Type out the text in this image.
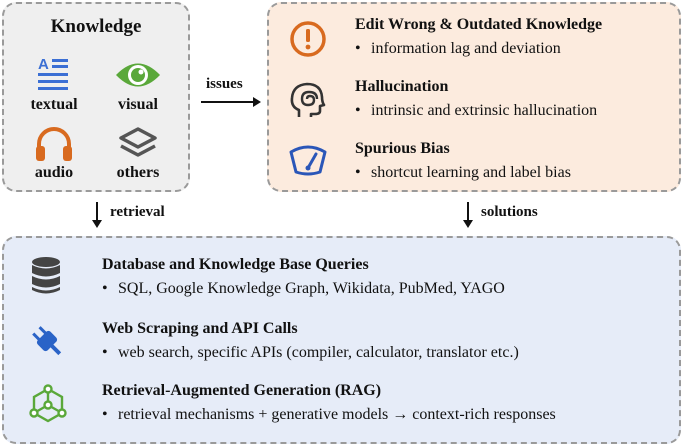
Knowledge
A
textual	visual
audio	others
issues
Edit Wrong & Outdated Knowledge
• information lag and deviation
Hallucination
• intrinsic and extrinsic hallucination
Spurious Bias
• shortcut learning and label bias
retrieval	solutions
Database and Knowledge Base Queries
• SQL, Google Knowledge Graph, Wikidata, PubMed, YAGO
Web Scraping and API Calls
• web search, specific APIs (compiler, calculator, translator etc.)
Retrieval-Augmented Generation (RAG)
• retrieval mechanisms + generative models → context-rich responses
